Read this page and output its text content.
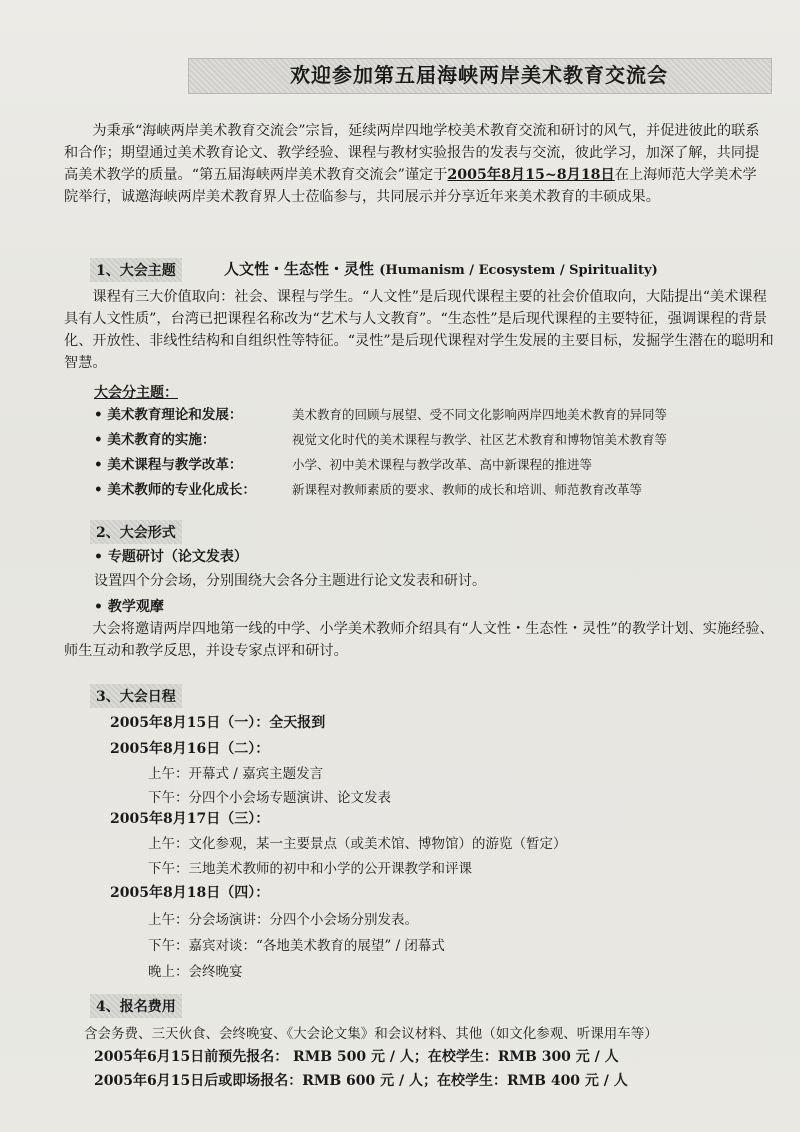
欢迎参加第五届海峡两岸美术教育交流会

为秉承“海峡两岸美术教育交流会”宗旨，延续两岸四地学校美术教育交流和研讨的风气，并促进彼此的联系和合作；期望通过美术教育论文、教学经验、课程与教材实验报告的发表与交流，彼此学习，加深了解，共同提高美术教学的质量。“第五届海峡两岸美术教育交流会”谨定于2005年8月15~8月18日在上海师范大学美术学院举行，诚邀海峡两岸美术教育界人士莅临参与，共同展示并分享近年来美术教育的丰硕成果。

1、大会主题	人文性・生态性・灵性 (Humanism / Ecosystem / Spirituality)

课程有三大价值取向：社会、课程与学生。“人文性”是后现代课程主要的社会价值取向，大陆提出“美术课程具有人文性质”，台湾已把课程名称改为“艺术与人文教育”。“生态性”是后现代课程的主要特征，强调课程的背景化、开放性、非线性结构和自组织性等特征。“灵性”是后现代课程对学生发展的主要目标，发掘学生潜在的聪明和智慧。

大会分主题：
• 美术教育理论和发展：	美术教育的回顾与展望、受不同文化影响两岸四地美术教育的异同等
• 美术教育的实施：	视觉文化时代的美术课程与教学、社区艺术教育和博物馆美术教育等
• 美术课程与教学改革：	小学、初中美术课程与教学改革、高中新课程的推进等
• 美术教师的专业化成长：	新课程对教师素质的要求、教师的成长和培训、师范教育改革等
2、大会形式
• 专题研讨（论文发表）
设置四个分会场，分别围绕大会各分主题进行论文发表和研讨。
• 教学观摩

大会将邀请两岸四地第一线的中学、小学美术教师介绍具有“人文性・生态性・灵性”的教学计划、实施经验、师生互动和教学反思，并设专家点评和研讨。

3、大会日程
2005年8月15日（一）：全天报到
2005年8月16日（二）：
上午：开幕式 / 嘉宾主题发言
下午：分四个小会场专题演讲、论文发表
2005年8月17日（三）：
上午：文化参观，某一主要景点（或美术馆、博物馆）的游览（暂定）
下午：三地美术教师的初中和小学的公开课教学和评课
2005年8月18日（四）：
上午：分会场演讲：分四个小会场分别发表。
下午：嘉宾对谈：“各地美术教育的展望” / 闭幕式
晚上：会终晚宴
4、报名费用
含会务费、三天伙食、会终晚宴、《大会论文集》和会议材料、其他（如文化参观、听课用车等）
2005年6月15日前预先报名： RMB 500 元 / 人；在校学生：RMB 300 元 / 人
2005年6月15日后或即场报名：RMB 600 元 / 人；在校学生：RMB 400 元 / 人
